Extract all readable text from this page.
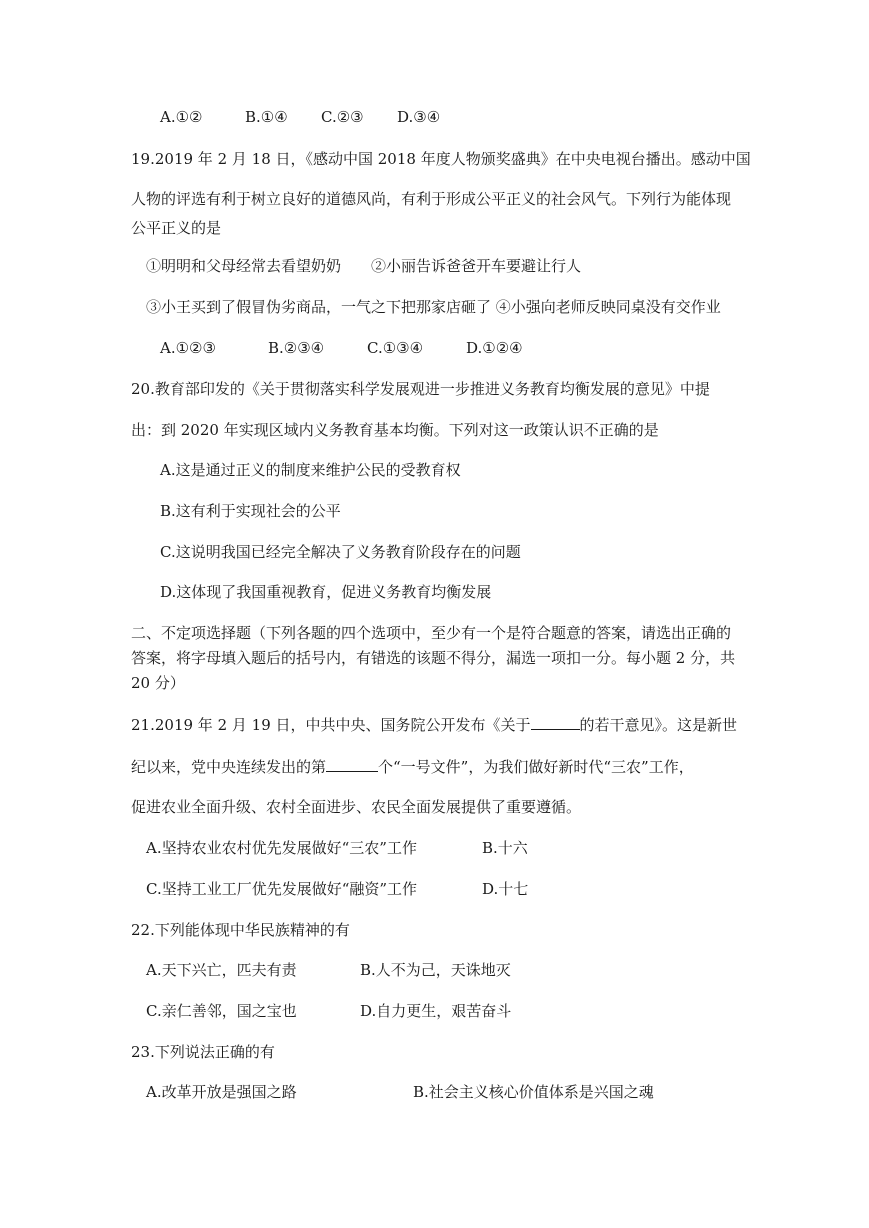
A.①②	B.①④ C.②③ D.③④
19.2019 年 2 月 18 日，《感动中国 2018 年度人物颁奖盛典》在中央电视台播出。感动中国
人物的评选有利于树立良好的道德风尚，有利于形成公平正义的社会风气。下列行为能体现
公平正义的是
①明明和父母经常去看望奶奶　　②小丽告诉爸爸开车要避让行人
③小王买到了假冒伪劣商品，一气之下把那家店砸了 ④小强向老师反映同桌没有交作业
A.①②③	B.②③④	C.①③④	D.①②④
20.教育部印发的《关于贯彻落实科学发展观进一步推进义务教育均衡发展的意见》中提
出：到 2020 年实现区域内义务教育基本均衡。下列对这一政策认识不正确的是
A.这是通过正义的制度来维护公民的受教育权
B.这有利于实现社会的公平
C.这说明我国已经完全解决了义务教育阶段存在的问题
D.这体现了我国重视教育，促进义务教育均衡发展
二、不定项选择题（下列各题的四个选项中，至少有一个是符合题意的答案，请选出正确的
答案，将字母填入题后的括号内，有错选的该题不得分，漏选一项扣一分。每小题 2 分，共
20 分）
21.2019 年 2 月 19 日，中共中央、国务院公开发布《关于	的若干意见》。这是新世
纪以来，党中央连续发出的第	个“一号文件”，为我们做好新时代“三农”工作，
促进农业全面升级、农村全面进步、农民全面发展提供了重要遵循。
A.坚持农业农村优先发展做好“三农”工作	B.十六
C.坚持工业工厂优先发展做好“融资”工作	D.十七
22.下列能体现中华民族精神的有
A.天下兴亡，匹夫有责	B.人不为己，天诛地灭
C.亲仁善邻，国之宝也	D.自力更生，艰苦奋斗
23.下列说法正确的有
A.改革开放是强国之路	B.社会主义核心价值体系是兴国之魂
